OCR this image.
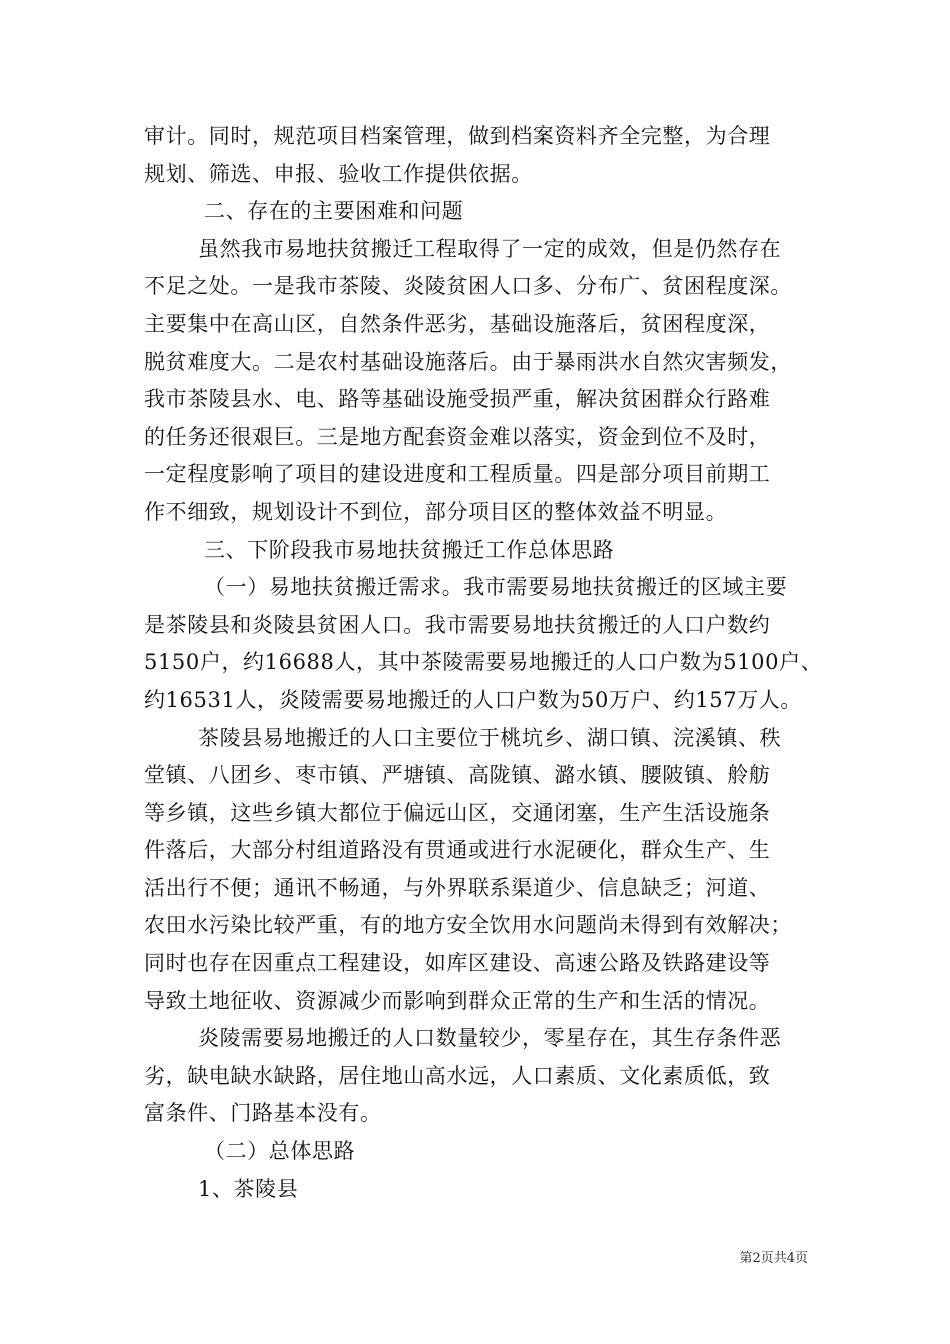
审计。同时，规范项目档案管理，做到档案资料齐全完整，为合理
规划、筛选、申报、验收工作提供依据。
二、存在的主要困难和问题
虽然我市易地扶贫搬迁工程取得了一定的成效，但是仍然存在
不足之处。一是我市茶陵、炎陵贫困人口多、分布广、贫困程度深。
主要集中在高山区，自然条件恶劣，基础设施落后，贫困程度深，
脱贫难度大。二是农村基础设施落后。由于暴雨洪水自然灾害频发，
我市茶陵县水、电、路等基础设施受损严重，解决贫困群众行路难
的任务还很艰巨。三是地方配套资金难以落实，资金到位不及时，
一定程度影响了项目的建设进度和工程质量。四是部分项目前期工
作不细致，规划设计不到位，部分项目区的整体效益不明显。
三、下阶段我市易地扶贫搬迁工作总体思路
（一）易地扶贫搬迁需求。我市需要易地扶贫搬迁的区域主要
是茶陵县和炎陵县贫困人口。我市需要易地扶贫搬迁的人口户数约
5150户，约16688人，其中茶陵需要易地搬迁的人口户数为5100户、
约16531人，炎陵需要易地搬迁的人口户数为50万户、约157万人。
茶陵县易地搬迁的人口主要位于桃坑乡、湖口镇、浣溪镇、秩
堂镇、八团乡、枣市镇、严塘镇、高陇镇、潞水镇、腰陂镇、舲舫
等乡镇，这些乡镇大都位于偏远山区，交通闭塞，生产生活设施条
件落后，大部分村组道路没有贯通或进行水泥硬化，群众生产、生
活出行不便；通讯不畅通，与外界联系渠道少、信息缺乏；河道、
农田水污染比较严重，有的地方安全饮用水问题尚未得到有效解决；
同时也存在因重点工程建设，如库区建设、高速公路及铁路建设等
导致土地征收、资源减少而影响到群众正常的生产和生活的情况。
炎陵需要易地搬迁的人口数量较少，零星存在，其生存条件恶
劣，缺电缺水缺路，居住地山高水远，人口素质、文化素质低，致
富条件、门路基本没有。
（二）总体思路
1、茶陵县
第2页共4页
